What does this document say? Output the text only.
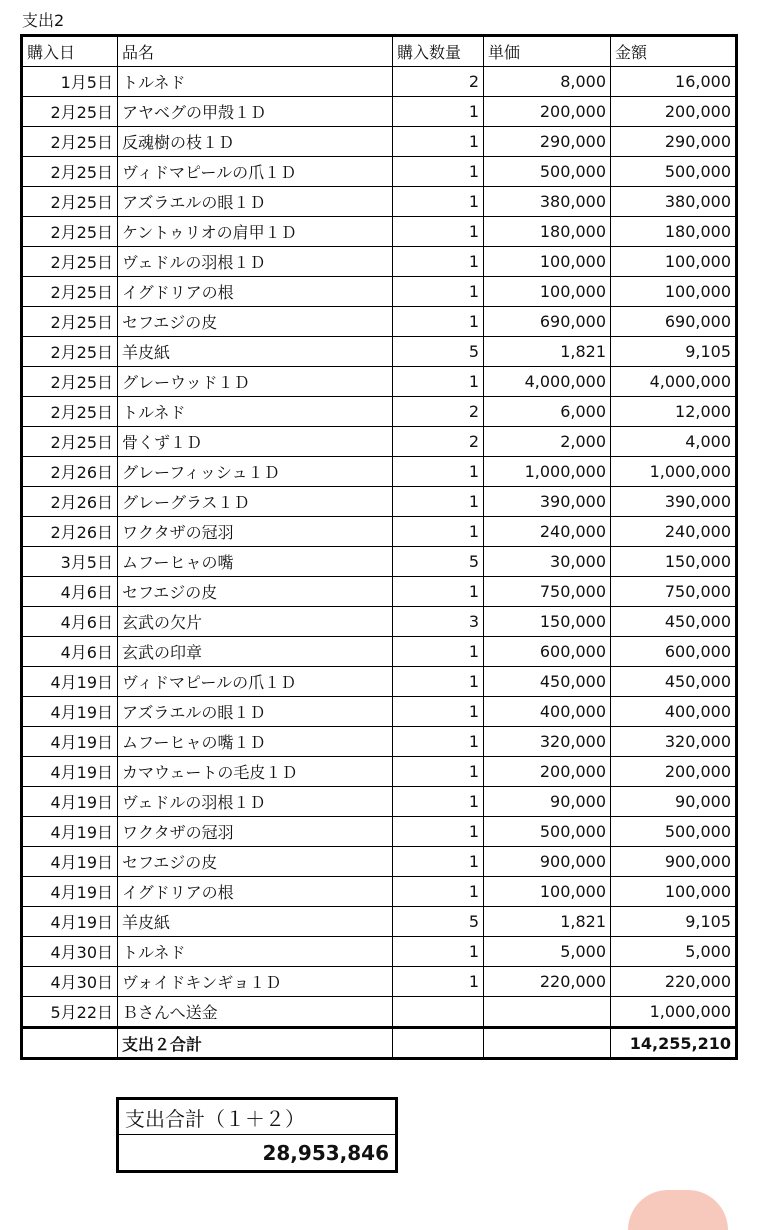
支出2
購入日	品名	購入数量	単価	金額
1月5日	トルネド	2	8,000	16,000
2月25日	アヤベグの甲殻１Ｄ	1	200,000	200,000
2月25日	反魂樹の枝１Ｄ	1	290,000	290,000
2月25日	ヴィドマピールの爪１Ｄ	1	500,000	500,000
2月25日	アズラエルの眼１Ｄ	1	380,000	380,000
2月25日	ケントゥリオの肩甲１Ｄ	1	180,000	180,000
2月25日	ヴェドルの羽根１Ｄ	1	100,000	100,000
2月25日	イグドリアの根	1	100,000	100,000
2月25日	セフエジの皮	1	690,000	690,000
2月25日	羊皮紙	5	1,821	9,105
2月25日	グレーウッド１Ｄ	1	4,000,000	4,000,000
2月25日	トルネド	2	6,000	12,000
2月25日	骨くず１Ｄ	2	2,000	4,000
2月26日	グレーフィッシュ１Ｄ	1	1,000,000	1,000,000
2月26日	グレーグラス１Ｄ	1	390,000	390,000
2月26日	ワクタザの冠羽	1	240,000	240,000
3月5日	ムフーヒャの嘴	5	30,000	150,000
4月6日	セフエジの皮	1	750,000	750,000
4月6日	玄武の欠片	3	150,000	450,000
4月6日	玄武の印章	1	600,000	600,000
4月19日	ヴィドマピールの爪１Ｄ	1	450,000	450,000
4月19日	アズラエルの眼１Ｄ	1	400,000	400,000
4月19日	ムフーヒャの嘴１Ｄ	1	320,000	320,000
4月19日	カマウェートの毛皮１Ｄ	1	200,000	200,000
4月19日	ヴェドルの羽根１Ｄ	1	90,000	90,000
4月19日	ワクタザの冠羽	1	500,000	500,000
4月19日	セフエジの皮	1	900,000	900,000
4月19日	イグドリアの根	1	100,000	100,000
4月19日	羊皮紙	5	1,821	9,105
4月30日	トルネド	1	5,000	5,000
4月30日	ヴォイドキンギョ１Ｄ	1	220,000	220,000
5月22日	Ｂさんへ送金			1,000,000
	支出２合計			14,255,210
支出合計（１＋２）
28,953,846
